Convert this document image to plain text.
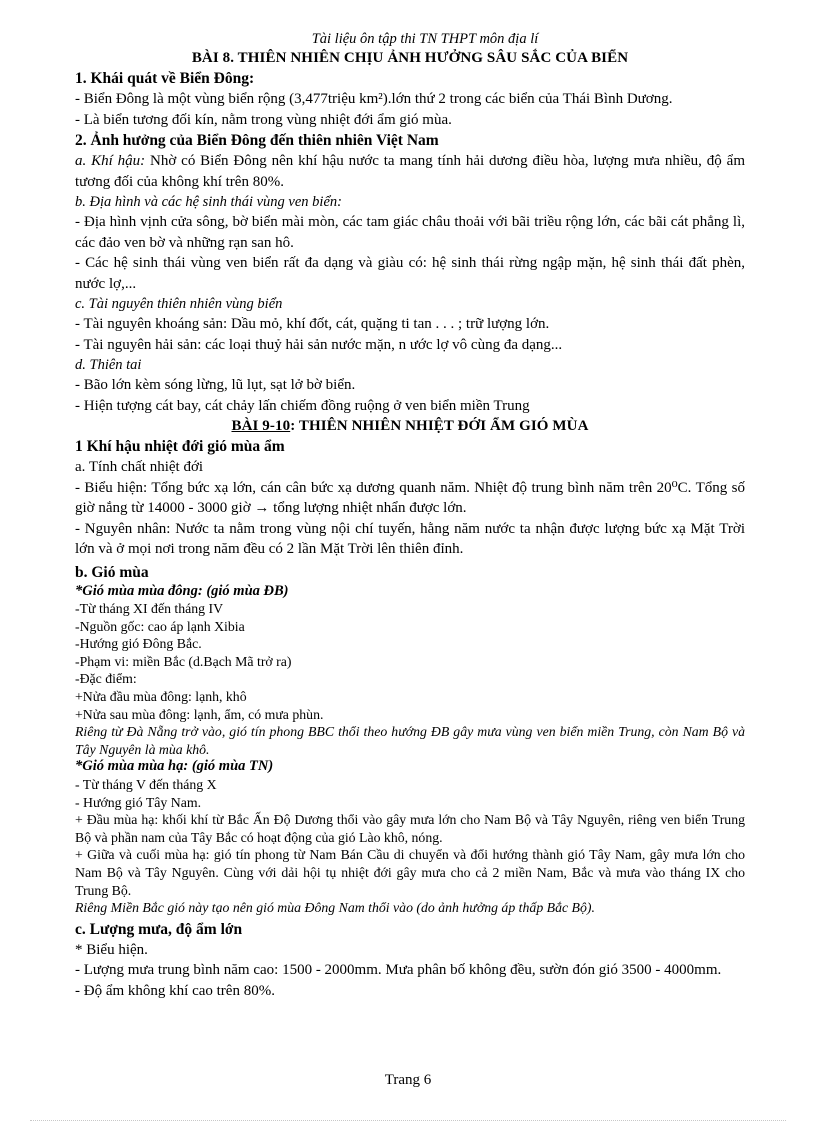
Tài liệu ôn tập thi TN THPT môn địa lí
BÀI 8. THIÊN NHIÊN CHỊU ẢNH HƯỞNG SÂU SẮC CỦA BIỂN
1. Khái quát về Biển Đông:
- Biển Đông là một vùng biển rộng (3,477triệu km²).lớn thứ 2 trong các biển của Thái Bình Dương.
- Là biển tương đối kín, nằm trong vùng nhiệt đới ẩm gió mùa.
2. Ảnh hưởng của Biển Đông đến thiên nhiên Việt Nam
a. Khí hậu: Nhờ có Biển Đông nên khí hậu nước ta mang tính hải dương điều hòa, lượng mưa nhiều, độ ẩm tương đối của không khí trên 80%.
b. Địa hình và các hệ sinh thái vùng ven biển:
- Địa hình vịnh cửa sông, bờ biển mài mòn, các tam giác châu thoải với bãi triều rộng lớn, các bãi cát phẳng lì, các đảo ven bờ và những rạn san hô.
- Các hệ sinh thái vùng ven biển rất đa dạng và giàu có: hệ sinh thái rừng ngập mặn, hệ sinh thái đất phèn, nước lợ,...
c. Tài nguyên thiên nhiên vùng biển
- Tài nguyên khoáng sản: Dầu mỏ, khí đốt, cát, quặng ti tan . . . ; trữ lượng lớn.
- Tài nguyên hải sản: các loại thuỷ hải sản nước mặn, n ước lợ vô cùng đa dạng...
d. Thiên tai
- Bão lớn kèm sóng lừng, lũ lụt, sạt lở bờ biển.
- Hiện tượng cát bay, cát chảy lấn chiếm đồng ruộng ở ven biển miền Trung
BÀI 9-10: THIÊN NHIÊN NHIỆT ĐỚI ẨM GIÓ MÙA
1 Khí hậu nhiệt đới gió mùa ẩm
a. Tính chất nhiệt đới
- Biểu hiện: Tổng bức xạ lớn, cán cân bức xạ dương quanh năm. Nhiệt độ trung bình năm trên 20⁰C. Tổng số giờ nắng từ 14000 - 3000 giờ → tổng lượng nhiệt nhẩn được lớn.
- Nguyên nhân: Nước ta nằm trong vùng nội chí tuyến, hằng năm nước ta nhận được lượng bức xạ Mặt Trời lớn và ở mọi nơi trong năm đều có 2 lần Mặt Trời lên thiên đỉnh.
b. Gió mùa
*Gió mùa mùa đông: (gió mùa ĐB)
-Từ tháng XI đến tháng IV
-Nguồn gốc: cao áp lạnh Xibia
-Hướng gió Đông Bắc.
-Phạm vi: miền Bắc (d.Bạch Mã trở ra)
-Đặc điểm:
+Nửa đầu mùa đông: lạnh, khô
+Nửa sau mùa đông: lạnh, ẩm, có mưa phùn.
Riêng từ Đà Nẵng trở vào, gió tín phong BBC thổi theo hướng ĐB gây mưa vùng ven biển miền Trung, còn Nam Bộ và Tây Nguyên là mùa khô.
*Gió mùa mùa hạ: (gió mùa TN)
- Từ tháng V đến tháng X
- Hướng gió Tây Nam.
+ Đầu mùa hạ: khối khí từ Bắc Ấn Độ Dương thổi vào gây mưa lớn cho Nam Bộ và Tây Nguyên, riêng ven biển Trung Bộ và phần nam của Tây Bắc có hoạt động của gió Lào khô, nóng.
+ Giữa và cuối mùa hạ: gió tín phong từ Nam Bán Cầu di chuyển và đổi hướng thành gió Tây Nam, gây mưa lớn cho Nam Bộ và Tây Nguyên. Cùng với dải hội tụ nhiệt đới gây mưa cho cả 2 miền Nam, Bắc và mưa vào tháng IX cho Trung Bộ.
Riêng Miền Bắc gió này tạo nên gió mùa Đông Nam thổi vào (do ảnh hưởng áp thấp Bắc Bộ).
c. Lượng mưa, độ ẩm lớn
* Biểu hiện.
- Lượng mưa trung bình năm cao: 1500 - 2000mm. Mưa phân bố không đều, sườn đón gió 3500 - 4000mm.
- Độ ẩm không khí cao trên 80%.
Trang 6
